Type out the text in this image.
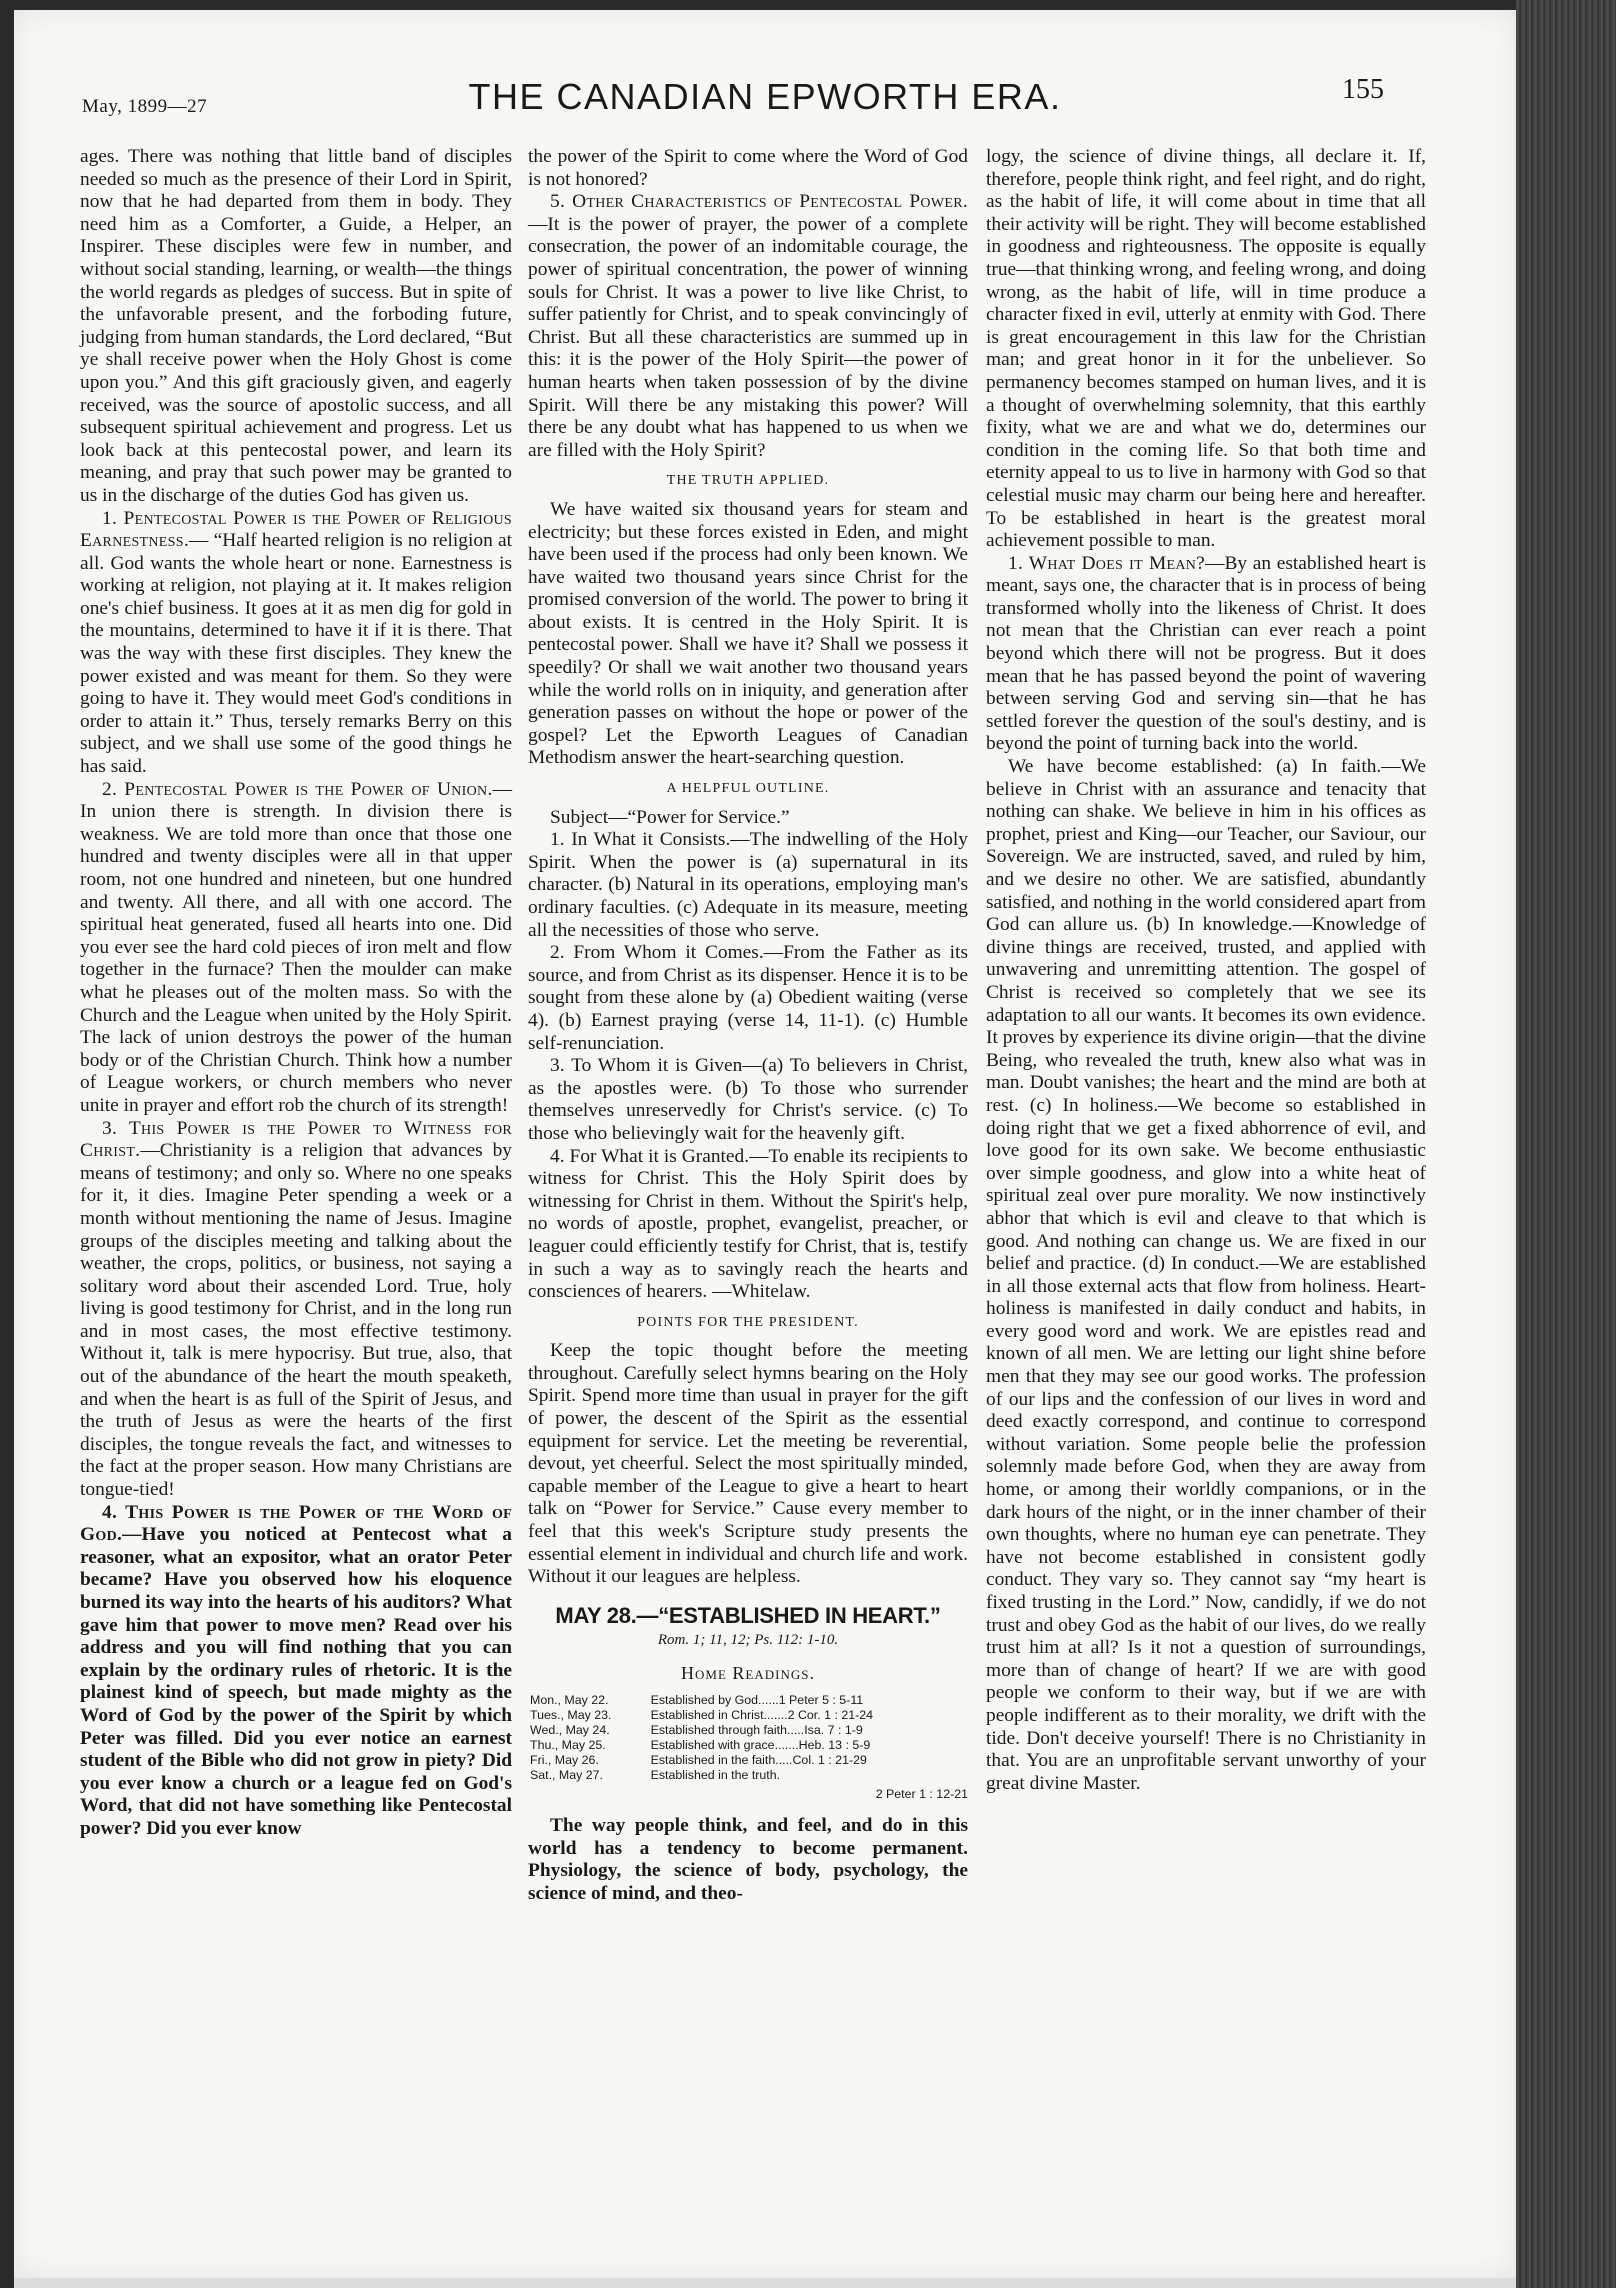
May, 1899—27	THE CANADIAN EPWORTH ERA.	155

ages. There was nothing that little band of disciples needed so much as the presence of their Lord in Spirit, now that he had departed from them in body. They need him as a Comforter, a Guide, a Helper, an Inspirer. These disciples were few in number, and without social standing, learning, or wealth—the things the world regards as pledges of success. But in spite of the unfavorable present, and the forboding future, judging from human standards, the Lord declared, “But ye shall receive power when the Holy Ghost is come upon you.” And this gift graciously given, and eagerly received, was the source of apostolic success, and all subsequent spiritual achievement and progress. Let us look back at this pentecostal power, and learn its meaning, and pray that such power may be granted to us in the discharge of the duties God has given us.

1. Pentecostal Power is the Power of Religious Earnestness.— “Half hearted religion is no religion at all. God wants the whole heart or none. Earnestness is working at religion, not playing at it. It makes religion one's chief business. It goes at it as men dig for gold in the mountains, determined to have it if it is there. That was the way with these first disciples. They knew the power existed and was meant for them. So they were going to have it. They would meet God's conditions in order to attain it.” Thus, tersely remarks Berry on this subject, and we shall use some of the good things he has said.

2. Pentecostal Power is the Power of Union.—In union there is strength. In division there is weakness. We are told more than once that those one hundred and twenty disciples were all in that upper room, not one hundred and nineteen, but one hundred and twenty. All there, and all with one accord. The spiritual heat generated, fused all hearts into one. Did you ever see the hard cold pieces of iron melt and flow together in the furnace? Then the moulder can make what he pleases out of the molten mass. So with the Church and the League when united by the Holy Spirit. The lack of union destroys the power of the human body or of the Christian Church. Think how a number of League workers, or church members who never unite in prayer and effort rob the church of its strength!

3. This Power is the Power to Witness for Christ.—Christianity is a religion that advances by means of testimony; and only so. Where no one speaks for it, it dies. Imagine Peter spending a week or a month without mentioning the name of Jesus. Imagine groups of the disciples meeting and talking about the weather, the crops, politics, or business, not saying a solitary word about their ascended Lord. True, holy living is good testimony for Christ, and in the long run and in most cases, the most effective testimony. Without it, talk is mere hypocrisy. But true, also, that out of the abundance of the heart the mouth speaketh, and when the heart is as full of the Spirit of Jesus, and the truth of Jesus as were the hearts of the first disciples, the tongue reveals the fact, and witnesses to the fact at the proper season. How many Christians are tongue-tied!

4. This Power is the Power of the Word of God.—Have you noticed at Pentecost what a reasoner, what an expositor, what an orator Peter became? Have you observed how his eloquence burned its way into the hearts of his auditors? What gave him that power to move men? Read over his address and you will find nothing that you can explain by the ordinary rules of rhetoric. It is the plainest kind of speech, but made mighty as the Word of God by the power of the Spirit by which Peter was filled. Did you ever notice an earnest student of the Bible who did not grow in piety? Did you ever know a church or a league fed on God's Word, that did not have something like Pentecostal power? Did you ever know

the power of the Spirit to come where the Word of God is not honored?

5. Other Characteristics of Pentecostal Power.—It is the power of prayer, the power of a complete consecration, the power of an indomitable courage, the power of spiritual concentration, the power of winning souls for Christ. It was a power to live like Christ, to suffer patiently for Christ, and to speak convincingly of Christ. But all these characteristics are summed up in this: it is the power of the Holy Spirit—the power of human hearts when taken possession of by the divine Spirit. Will there be any mistaking this power? Will there be any doubt what has happened to us when we are filled with the Holy Spirit?

THE TRUTH APPLIED.

We have waited six thousand years for steam and electricity; but these forces existed in Eden, and might have been used if the process had only been known. We have waited two thousand years since Christ for the promised conversion of the world. The power to bring it about exists. It is centred in the Holy Spirit. It is pentecostal power. Shall we have it? Shall we possess it speedily? Or shall we wait another two thousand years while the world rolls on in iniquity, and generation after generation passes on without the hope or power of the gospel? Let the Epworth Leagues of Canadian Methodism answer the heart-searching question.

A HELPFUL OUTLINE.

Subject—“Power for Service.”

1. In What it Consists.—The indwelling of the Holy Spirit. When the power is (a) supernatural in its character. (b) Natural in its operations, employing man's ordinary faculties. (c) Adequate in its measure, meeting all the necessities of those who serve.

2. From Whom it Comes.—From the Father as its source, and from Christ as its dispenser. Hence it is to be sought from these alone by (a) Obedient waiting (verse 4). (b) Earnest praying (verse 14, 11-1). (c) Humble self-renunciation.

3. To Whom it is Given—(a) To believers in Christ, as the apostles were. (b) To those who surrender themselves unreservedly for Christ's service. (c) To those who believingly wait for the heavenly gift.

4. For What it is Granted.—To enable its recipients to witness for Christ. This the Holy Spirit does by witnessing for Christ in them. Without the Spirit's help, no words of apostle, prophet, evangelist, preacher, or leaguer could efficiently testify for Christ, that is, testify in such a way as to savingly reach the hearts and consciences of hearers. —Whitelaw.

POINTS FOR THE PRESIDENT.

Keep the topic thought before the meeting throughout. Carefully select hymns bearing on the Holy Spirit. Spend more time than usual in prayer for the gift of power, the descent of the Spirit as the essential equipment for service. Let the meeting be reverential, devout, yet cheerful. Select the most spiritually minded, capable member of the League to give a heart to heart talk on “Power for Service.” Cause every member to feel that this week's Scripture study presents the essential element in individual and church life and work. Without it our leagues are helpless.

MAY 28.—“ESTABLISHED IN HEART.”
Rom. 1; 11, 12; Ps. 112: 1-10.
Home Readings.
Mon., May 22.	Established by God......1 Peter 5 : 5-11
Tues., May 23.	Established in Christ.......2 Cor. 1 : 21-24
Wed., May 24.	Established through faith.....Isa. 7 : 1-9
Thu., May 25.	Established with grace.......Heb. 13 : 5-9
Fri., May 26.	Established in the faith.....Col. 1 : 21-29
Sat., May 27.	Established in the truth.
2 Peter 1 : 12-21

The way people think, and feel, and do in this world has a tendency to become permanent. Physiology, the science of body, psychology, the science of mind, and theo-

logy, the science of divine things, all declare it. If, therefore, people think right, and feel right, and do right, as the habit of life, it will come about in time that all their activity will be right. They will become established in goodness and righteousness. The opposite is equally true—that thinking wrong, and feeling wrong, and doing wrong, as the habit of life, will in time produce a character fixed in evil, utterly at enmity with God. There is great encouragement in this law for the Christian man; and great honor in it for the unbeliever. So permanency becomes stamped on human lives, and it is a thought of overwhelming solemnity, that this earthly fixity, what we are and what we do, determines our condition in the coming life. So that both time and eternity appeal to us to live in harmony with God so that celestial music may charm our being here and hereafter. To be established in heart is the greatest moral achievement possible to man.

1. What Does it Mean?—By an established heart is meant, says one, the character that is in process of being transformed wholly into the likeness of Christ. It does not mean that the Christian can ever reach a point beyond which there will not be progress. But it does mean that he has passed beyond the point of wavering between serving God and serving sin—that he has settled forever the question of the soul's destiny, and is beyond the point of turning back into the world.

We have become established: (a) In faith.—We believe in Christ with an assurance and tenacity that nothing can shake. We believe in him in his offices as prophet, priest and King—our Teacher, our Saviour, our Sovereign. We are instructed, saved, and ruled by him, and we desire no other. We are satisfied, abundantly satisfied, and nothing in the world considered apart from God can allure us. (b) In knowledge.—Knowledge of divine things are received, trusted, and applied with unwavering and unremitting attention. The gospel of Christ is received so completely that we see its adaptation to all our wants. It becomes its own evidence. It proves by experience its divine origin—that the divine Being, who revealed the truth, knew also what was in man. Doubt vanishes; the heart and the mind are both at rest. (c) In holiness.—We become so established in doing right that we get a fixed abhorrence of evil, and love good for its own sake. We become enthusiastic over simple goodness, and glow into a white heat of spiritual zeal over pure morality. We now instinctively abhor that which is evil and cleave to that which is good. And nothing can change us. We are fixed in our belief and practice. (d) In conduct.—We are established in all those external acts that flow from holiness. Heart-holiness is manifested in daily conduct and habits, in every good word and work. We are epistles read and known of all men. We are letting our light shine before men that they may see our good works. The profession of our lips and the confession of our lives in word and deed exactly correspond, and continue to correspond without variation. Some people belie the profession solemnly made before God, when they are away from home, or among their worldly companions, or in the dark hours of the night, or in the inner chamber of their own thoughts, where no human eye can penetrate. They have not become established in consistent godly conduct. They vary so. They cannot say “my heart is fixed trusting in the Lord.” Now, candidly, if we do not trust and obey God as the habit of our lives, do we really trust him at all? Is it not a question of surroundings, more than of change of heart? If we are with good people we conform to their way, but if we are with people indifferent as to their morality, we drift with the tide. Don't deceive yourself! There is no Christianity in that. You are an unprofitable servant unworthy of your great divine Master.
